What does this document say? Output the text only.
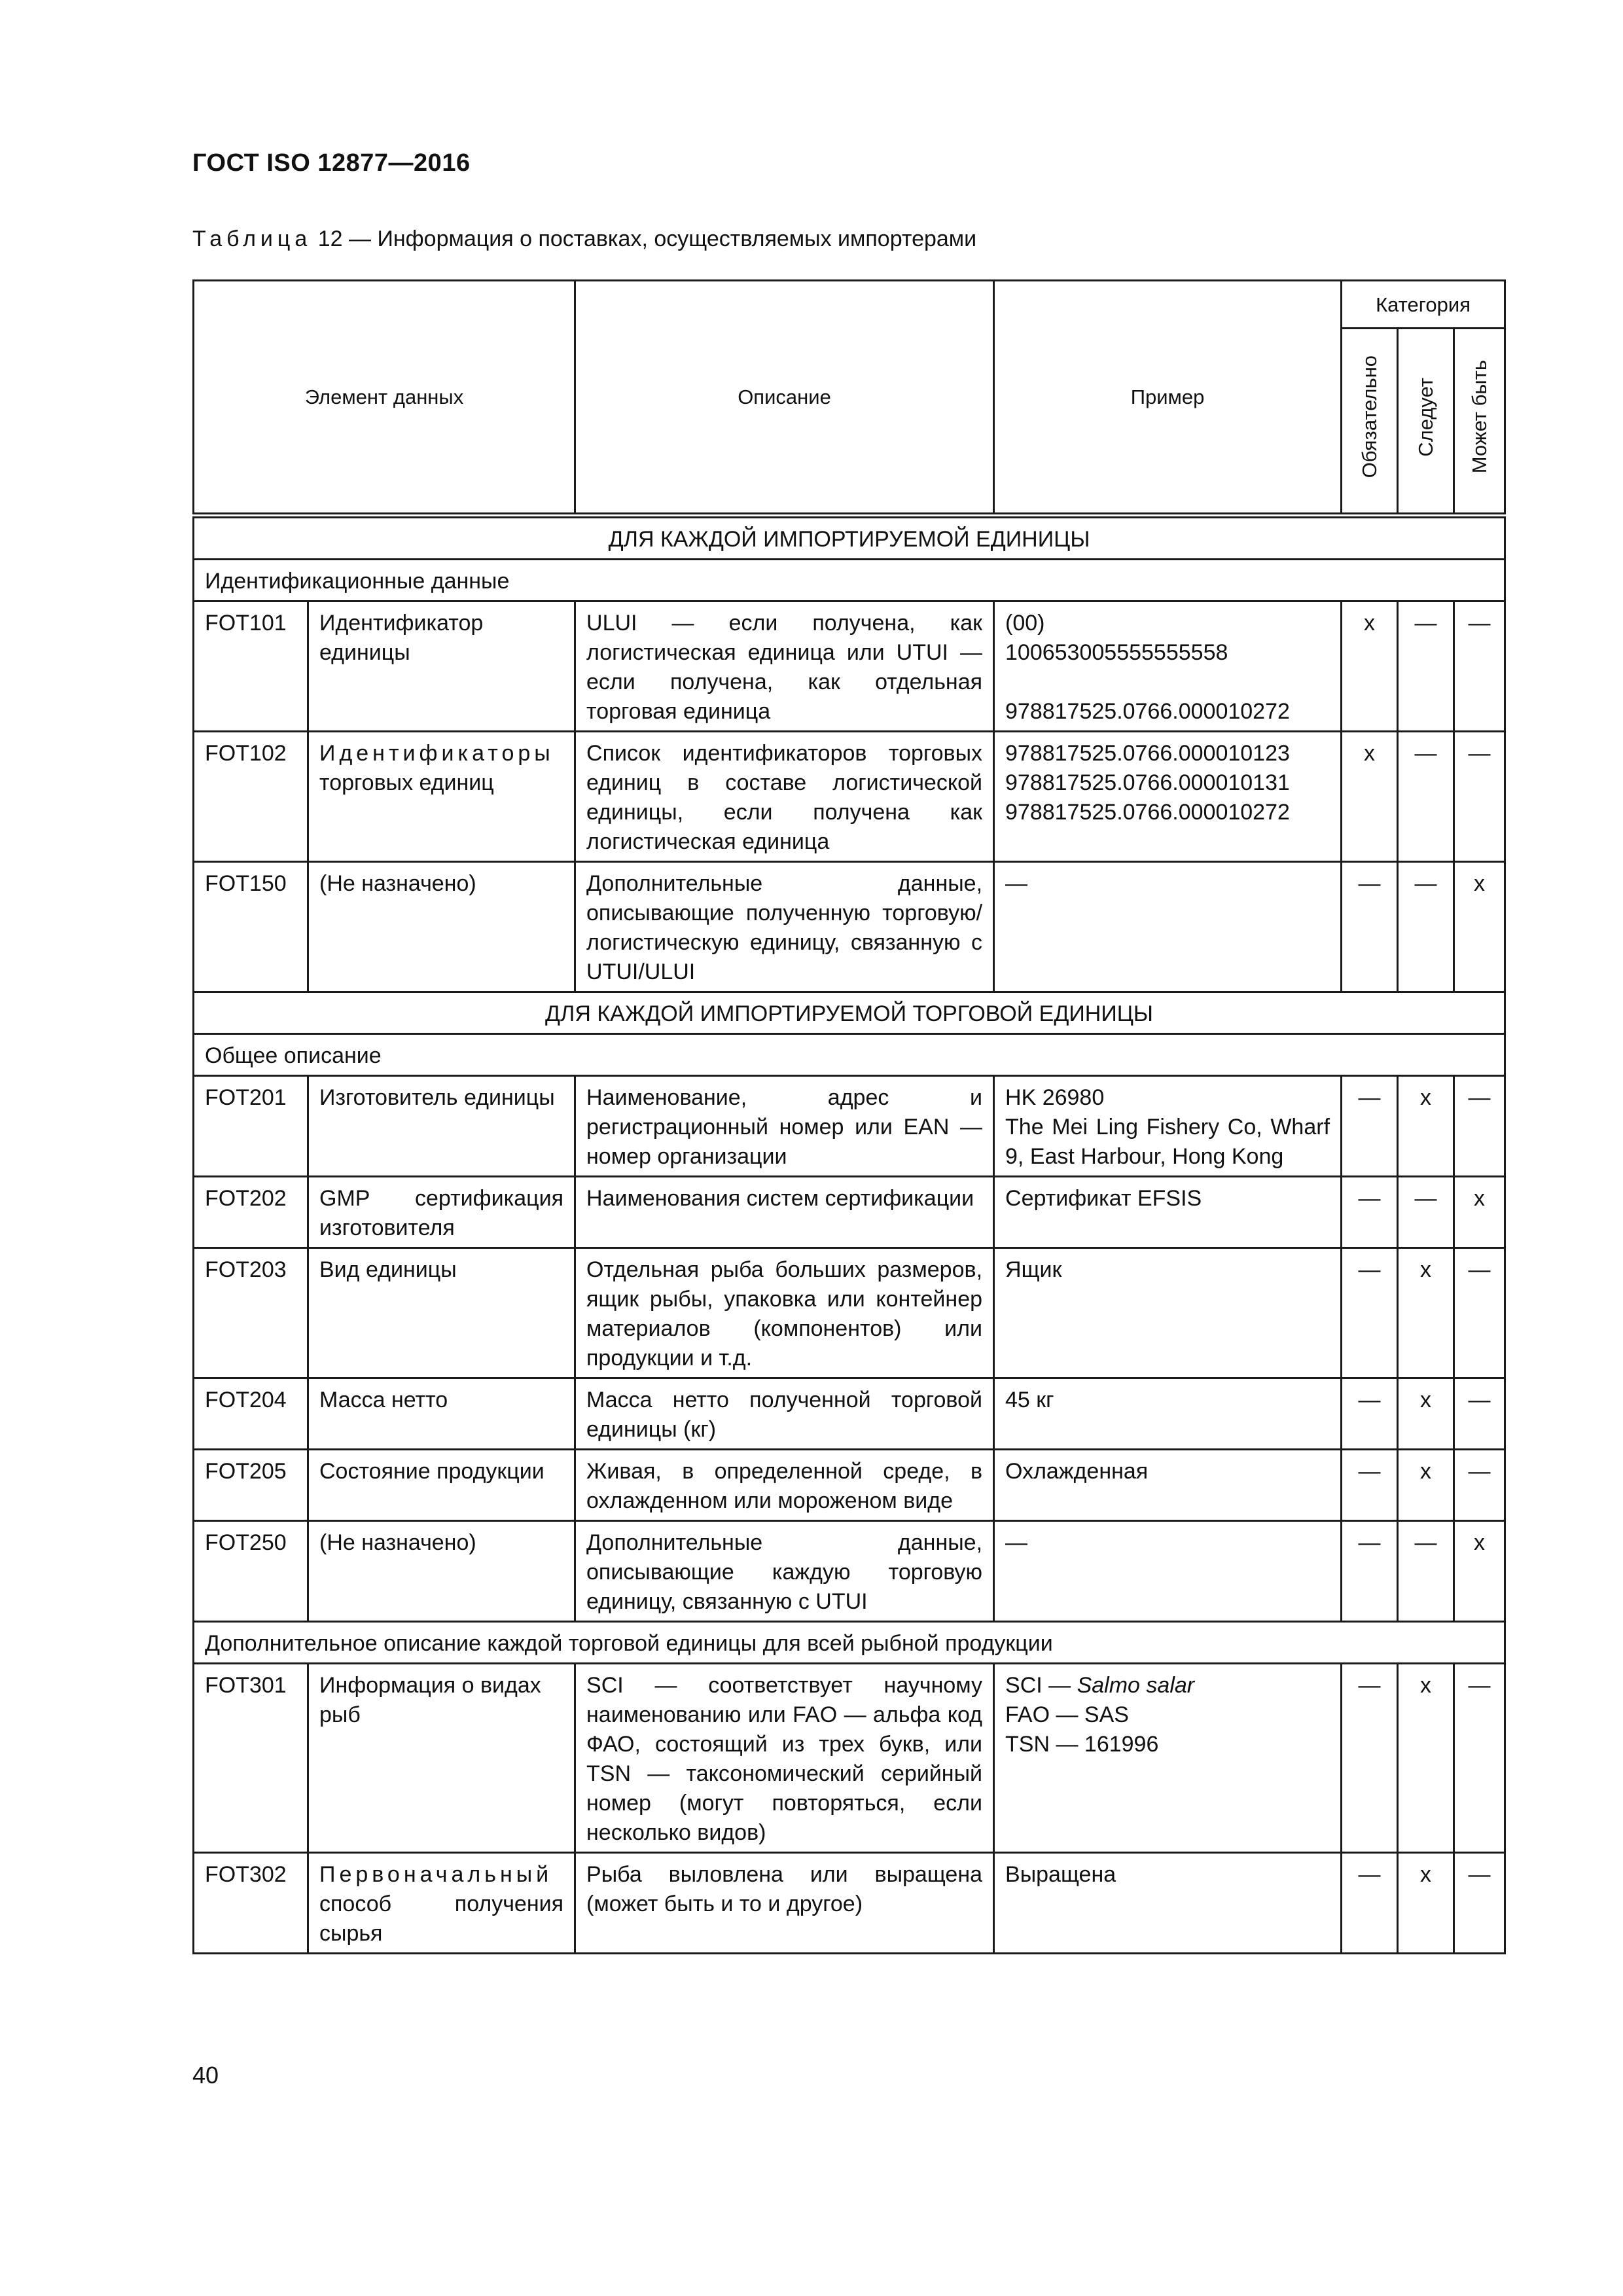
ГОСТ ISO 12877—2016
Таблица 12 — Информация о поставках, осуществляемых импортерами
Элемент данных		Описание	Пример	Категория		
				Обязательно	Следует	Может быть
ДЛЯ КАЖДОЙ ИМПОРТИРУЕМОЙ ЕДИНИЦЫ						
Идентификационные данные						
FOT101	Идентификатор единицы	ULUI — если получена, как логистическая единица или UTUI — если получена, как отдельная торговая единица	(00)
100653005555555558
978817525.0766.000010272	x	—	—
FOT102	Идентификаторы
торговых единиц	Список идентификаторов торговых единиц в составе логистической единицы, если получена как логистическая единица	978817525.0766.000010123
978817525.0766.000010131
978817525.0766.000010272	x	—	—
FOT150	(Не назначено)	Дополнительные данные, описывающие полученную торговую/логистическую единицу, связанную с UTUI/ULUI	—	—	—	x
ДЛЯ КАЖДОЙ ИМПОРТИРУЕМОЙ ТОРГОВОЙ ЕДИНИЦЫ						
Общее описание						
FOT201	Изготовитель единицы	Наименование, адрес и регистрационный номер или EAN — номер организации	HK 26980
The Mei Ling Fishery Co, Wharf 9, East Harbour, Hong Kong	—	x	—
FOT202	GMP сертификация изготовителя	Наименования систем сертификации	Сертификат EFSIS	—	—	x
FOT203	Вид единицы	Отдельная рыба больших размеров, ящик рыбы, упаковка или контейнер материалов (компонентов) или продукции и т.д.	Ящик	—	x	—
FOT204	Масса нетто	Масса нетто полученной торговой единицы (кг)	45 кг	—	x	—
FOT205	Состояние продукции	Живая, в определенной среде, в охлажденном или мороженом виде	Охлажденная	—	x	—
FOT250	(Не назначено)	Дополнительные данные, описывающие каждую торговую единицу, связанную с UTUI	—	—	—	x
Дополнительное описание каждой торговой единицы для всей рыбной продукции						
FOT301	Информация о видах рыб	SCI — соответствует научному наименованию или FAO — альфа код ФАО, состоящий из трех букв, или TSN — таксономический серийный номер (могут повторяться, если несколько видов)	SCI — Salmo salar
FAO — SAS
TSN — 161996	—	x	—
FOT302	Первоначальный
способ получения сырья	Рыба выловлена или выращена (может быть и то и другое)	Выращена	—	x	—
40
